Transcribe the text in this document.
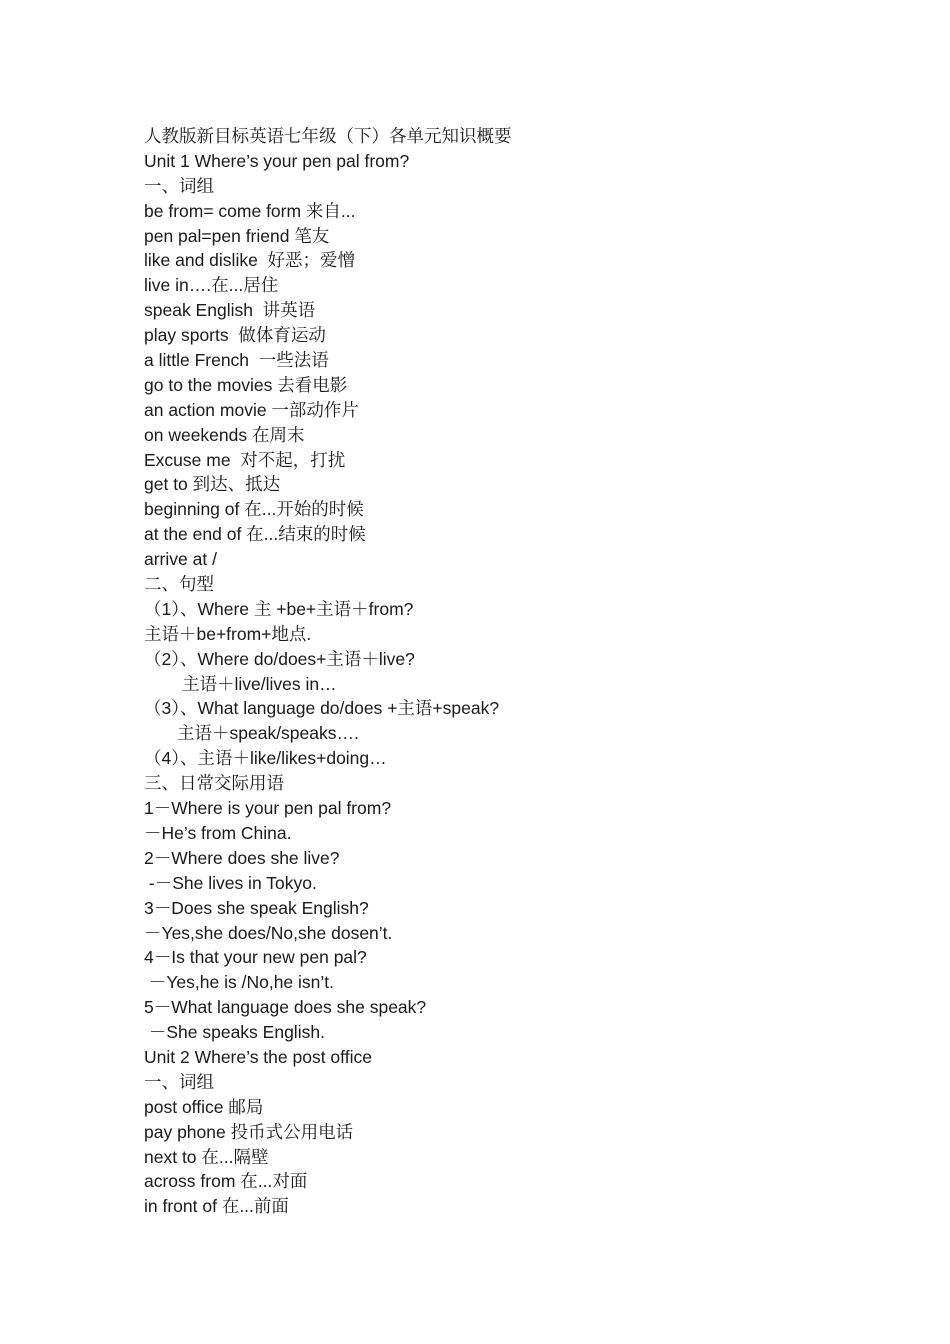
人教版新目标英语七年级（下）各单元知识概要
Unit 1 Where’s your pen pal from?
一、词组
be from= come form 来自...
pen pal=pen friend 笔友
like and dislike  好恶；爱憎
live in….在...居住
speak English  讲英语
play sports  做体育运动
a little French  一些法语
go to the movies 去看电影
an action movie 一部动作片
on weekends 在周末
Excuse me  对不起，打扰
get to 到达、抵达
beginning of 在...开始的时候
at the end of 在...结束的时候
arrive at /
二、句型
（1）、Where 主 +be+主语＋from?
主语＋be+from+地点.
（2）、Where do/does+主语＋live?
主语＋live/lives in…
（3）、What language do/does +主语+speak?
主语＋speak/speaks….
（4）、主语＋like/likes+doing…
三、日常交际用语
1－Where is your pen pal from?
－He’s from China.
2－Where does she live?
-－She lives in Tokyo.
3－Does she speak English?
－Yes,she does/No,she dosen’t.
4－Is that your new pen pal?
－Yes,he is /No,he isn’t.
5－What language does she speak?
－She speaks English.
Unit 2 Where’s the post office
一、词组
post office 邮局
pay phone 投币式公用电话
next to 在...隔壁
across from 在...对面
in front of 在...前面
